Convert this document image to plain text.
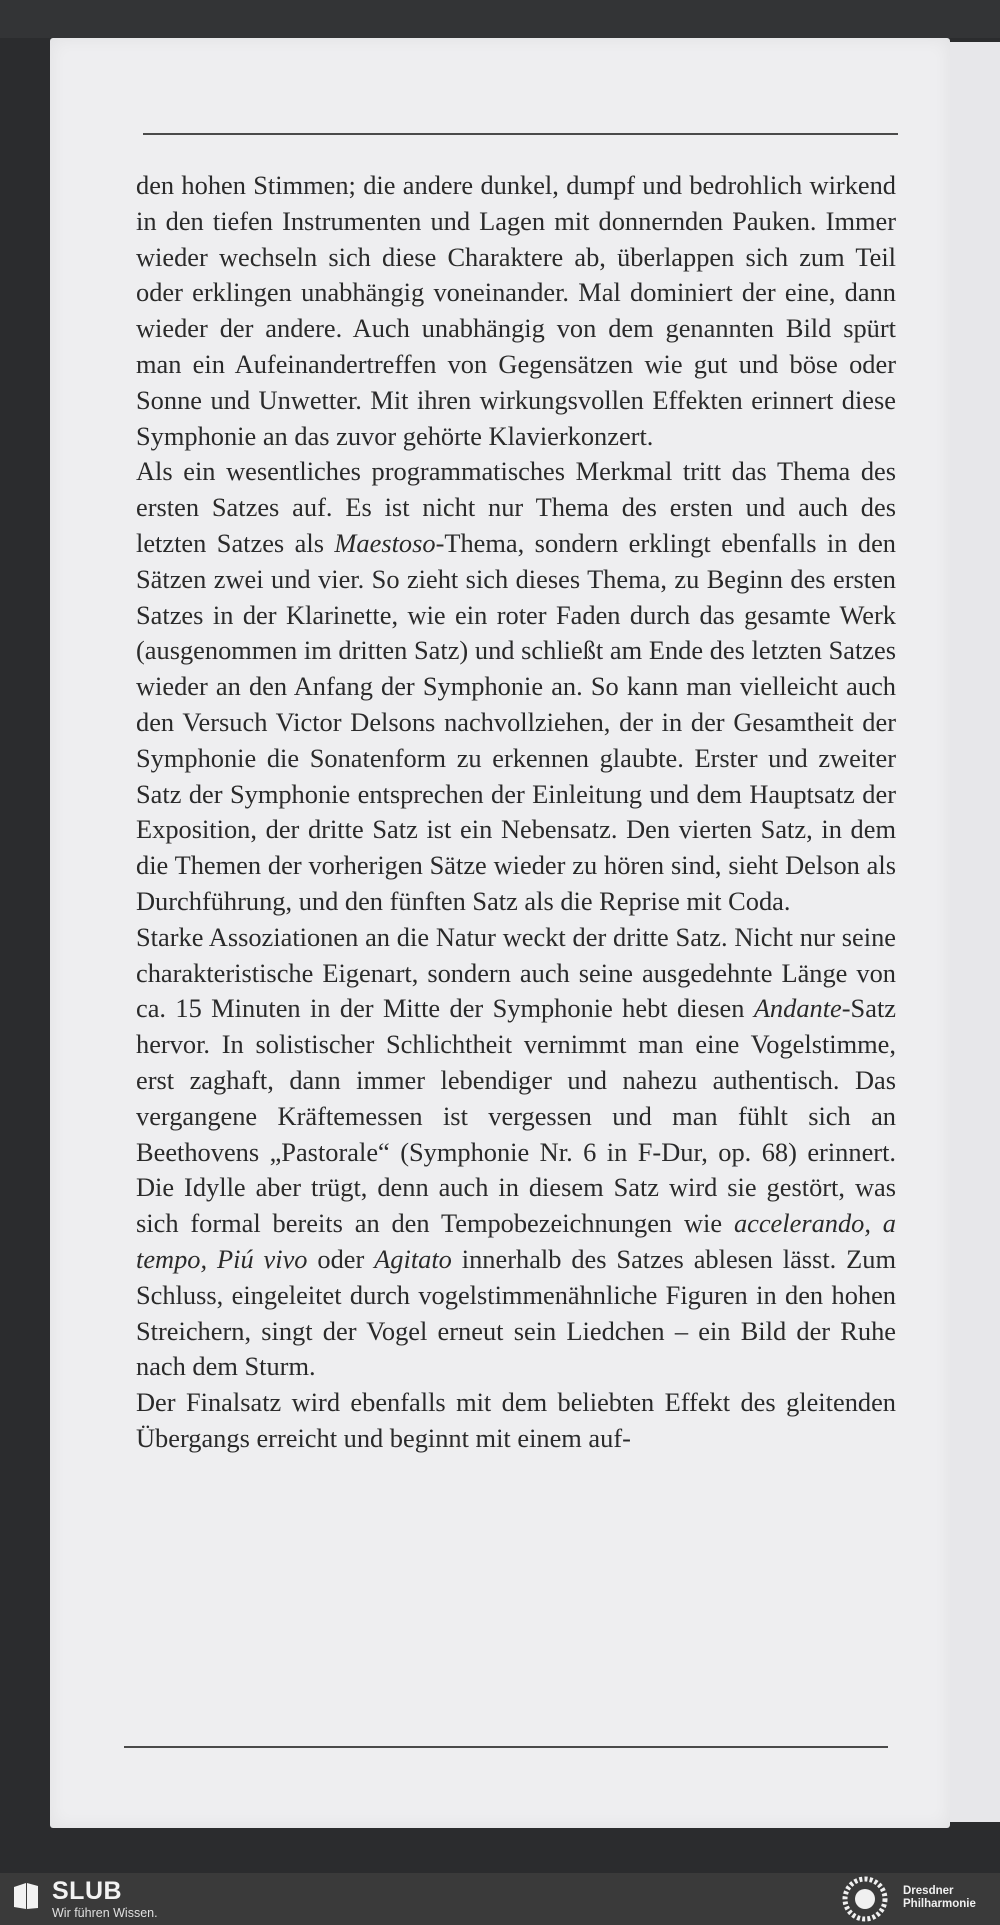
den hohen Stimmen; die andere dunkel, dumpf und bedrohlich wirkend in den tiefen Instrumenten und Lagen mit donnernden Pauken. Immer wieder wechseln sich diese Charaktere ab, überlappen sich zum Teil oder erklingen unabhängig voneinander. Mal dominiert der eine, dann wieder der andere. Auch unabhängig von dem genannten Bild spürt man ein Aufeinandertreffen von Gegensätzen wie gut und böse oder Sonne und Unwetter. Mit ihren wirkungsvollen Effekten erinnert diese Symphonie an das zuvor gehörte Klavierkonzert.

Als ein wesentliches programmatisches Merkmal tritt das Thema des ersten Satzes auf. Es ist nicht nur Thema des ersten und auch des letzten Satzes als Maestoso-Thema, sondern erklingt ebenfalls in den Sätzen zwei und vier. So zieht sich dieses Thema, zu Beginn des ersten Satzes in der Klarinette, wie ein roter Faden durch das gesamte Werk (ausgenommen im dritten Satz) und schließt am Ende des letzten Satzes wieder an den Anfang der Symphonie an. So kann man vielleicht auch den Versuch Victor Delsons nachvollziehen, der in der Gesamtheit der Symphonie die Sonatenform zu erkennen glaubte. Erster und zweiter Satz der Symphonie entsprechen der Einleitung und dem Hauptsatz der Exposition, der dritte Satz ist ein Nebensatz. Den vierten Satz, in dem die Themen der vorherigen Sätze wieder zu hören sind, sieht Delson als Durchführung, und den fünften Satz als die Reprise mit Coda.

Starke Assoziationen an die Natur weckt der dritte Satz. Nicht nur seine charakteristische Eigenart, sondern auch seine ausgedehnte Länge von ca. 15 Minuten in der Mitte der Symphonie hebt diesen Andante-Satz hervor. In solistischer Schlichtheit vernimmt man eine Vogelstimme, erst zaghaft, dann immer lebendiger und nahezu authentisch. Das vergangene Kräftemessen ist vergessen und man fühlt sich an Beethovens „Pastorale“ (Symphonie Nr. 6 in F-Dur, op. 68) erinnert. Die Idylle aber trügt, denn auch in diesem Satz wird sie gestört, was sich formal bereits an den Tempobezeichnungen wie accelerando, a tempo, Piú vivo oder Agitato innerhalb des Satzes ablesen lässt. Zum Schluss, eingeleitet durch vogelstimmenähnliche Figuren in den hohen Streichern, singt der Vogel erneut sein Liedchen – ein Bild der Ruhe nach dem Sturm.

Der Finalsatz wird ebenfalls mit dem beliebten Effekt des gleitenden Übergangs erreicht und beginnt mit einem auf-

SLUB
Wir führen Wissen.
Dresdner
Philharmonie
